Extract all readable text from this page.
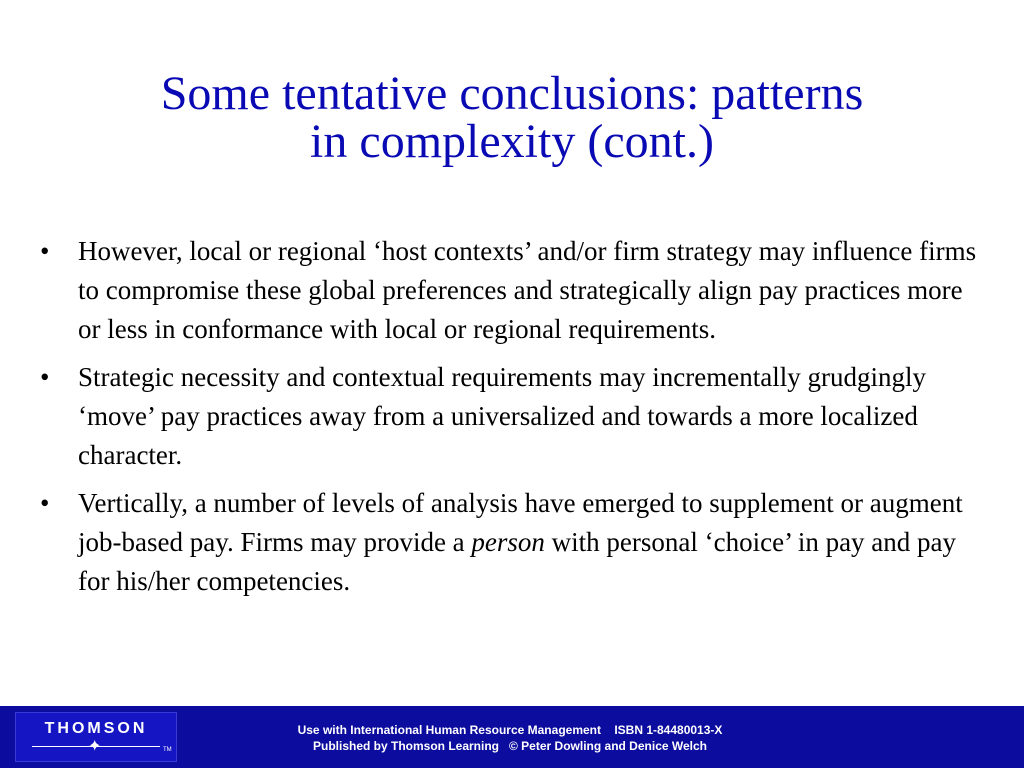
Some tentative conclusions: patterns
in complexity (cont.)
• However, local or regional ‘host contexts’ and/or firm strategy may influence firms to compromise these global preferences and strategically align pay practices more or less in conformance with local or regional requirements.
• Strategic necessity and contextual requirements may incrementally grudgingly ‘move’ pay practices away from a universalized and towards a more localized character.
• Vertically, a number of levels of analysis have emerged to supplement or augment job-based pay. Firms may provide a person with personal ‘choice’ in pay and pay for his/her competencies.
THOMSON
✦	TM
Use with International Human Resource Management    ISBN 1-84480013-X
Published by Thomson Learning   © Peter Dowling and Denice Welch
